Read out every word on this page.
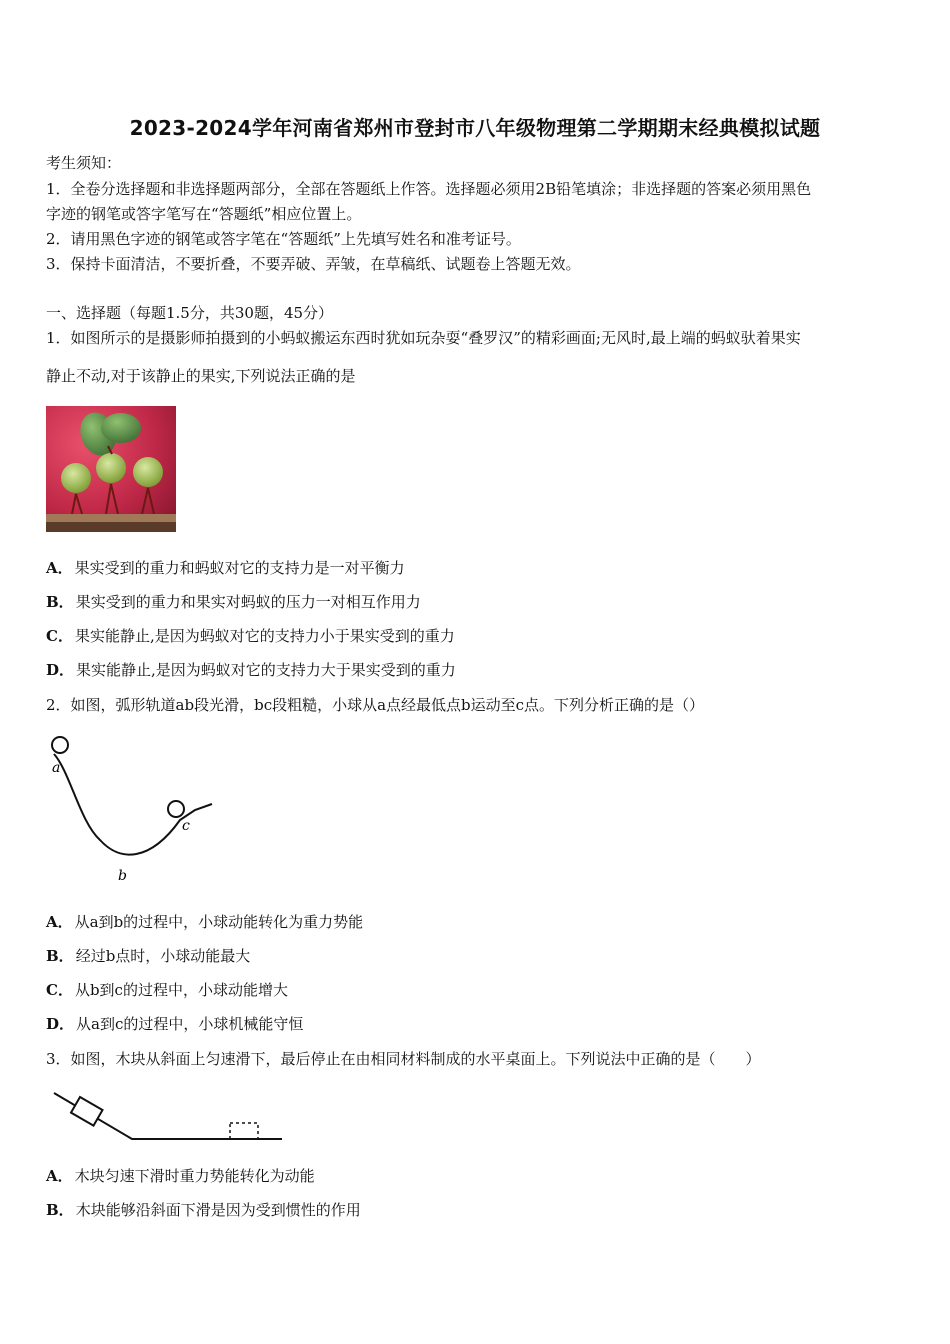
2023-2024学年河南省郑州市登封市八年级物理第二学期期末经典模拟试题
考生须知：
1．全卷分选择题和非选择题两部分，全部在答题纸上作答。选择题必须用2B铅笔填涂；非选择题的答案必须用黑色
字迹的钢笔或答字笔写在“答题纸”相应位置上。
2．请用黑色字迹的钢笔或答字笔在“答题纸”上先填写姓名和准考证号。
3．保持卡面清洁，不要折叠，不要弄破、弄皱，在草稿纸、试题卷上答题无效。
一、选择题（每题1.5分，共30题，45分）
1．如图所示的是摄影师拍摄到的小蚂蚁搬运东西时犹如玩杂耍“叠罗汉”的精彩画面;无风时,最上端的蚂蚁驮着果实
静止不动,对于该静止的果实,下列说法正确的是
A． 果实受到的重力和蚂蚁对它的支持力是一对平衡力
B． 果实受到的重力和果实对蚂蚁的压力一对相互作用力
C． 果实能静止,是因为蚂蚁对它的支持力小于果实受到的重力
D． 果实能静止,是因为蚂蚁对它的支持力大于果实受到的重力
2．如图，弧形轨道ab段光滑，bc段粗糙，小球从a点经最低点b运动至c点。下列分析正确的是（）
a
b
c
A． 从a到b的过程中，小球动能转化为重力势能
B． 经过b点时，小球动能最大
C． 从b到c的过程中，小球动能增大
D． 从a到c的过程中，小球机械能守恒
3．如图，木块从斜面上匀速滑下，最后停止在由相同材料制成的水平桌面上。下列说法中正确的是（　　）
A． 木块匀速下滑时重力势能转化为动能
B． 木块能够沿斜面下滑是因为受到惯性的作用
